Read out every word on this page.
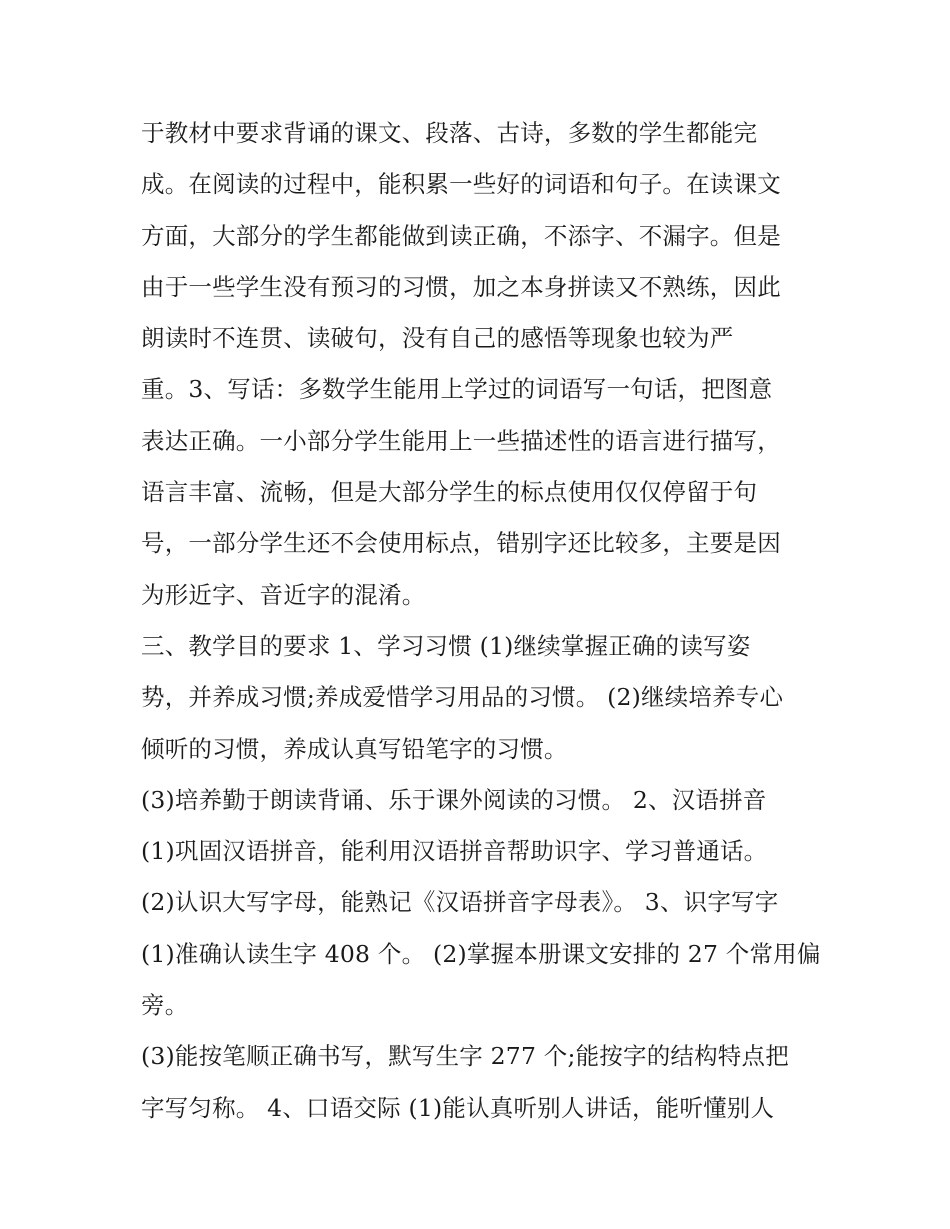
于教材中要求背诵的课文、段落、古诗，多数的学生都能完
成。在阅读的过程中，能积累一些好的词语和句子。在读课文
方面，大部分的学生都能做到读正确，不添字、不漏字。但是
由于一些学生没有预习的习惯，加之本身拼读又不熟练，因此
朗读时不连贯、读破句，没有自己的感悟等现象也较为严
重。3、写话：多数学生能用上学过的词语写一句话，把图意
表达正确。一小部分学生能用上一些描述性的语言进行描写，
语言丰富、流畅，但是大部分学生的标点使用仅仅停留于句
号，一部分学生还不会使用标点，错别字还比较多，主要是因
为形近字、音近字的混淆。
三、教学目的要求 1、学习习惯 (1)继续掌握正确的读写姿
势，并养成习惯;养成爱惜学习用品的习惯。 (2)继续培养专心
倾听的习惯，养成认真写铅笔字的习惯。
(3)培养勤于朗读背诵、乐于课外阅读的习惯。 2、汉语拼音
(1)巩固汉语拼音，能利用汉语拼音帮助识字、学习普通话。
(2)认识大写字母，能熟记《汉语拼音字母表》。 3、识字写字
(1)准确认读生字 408 个。 (2)掌握本册课文安排的 27 个常用偏
旁。
(3)能按笔顺正确书写，默写生字 277 个;能按字的结构特点把
字写匀称。 4、口语交际 (1)能认真听别人讲话，能听懂别人
